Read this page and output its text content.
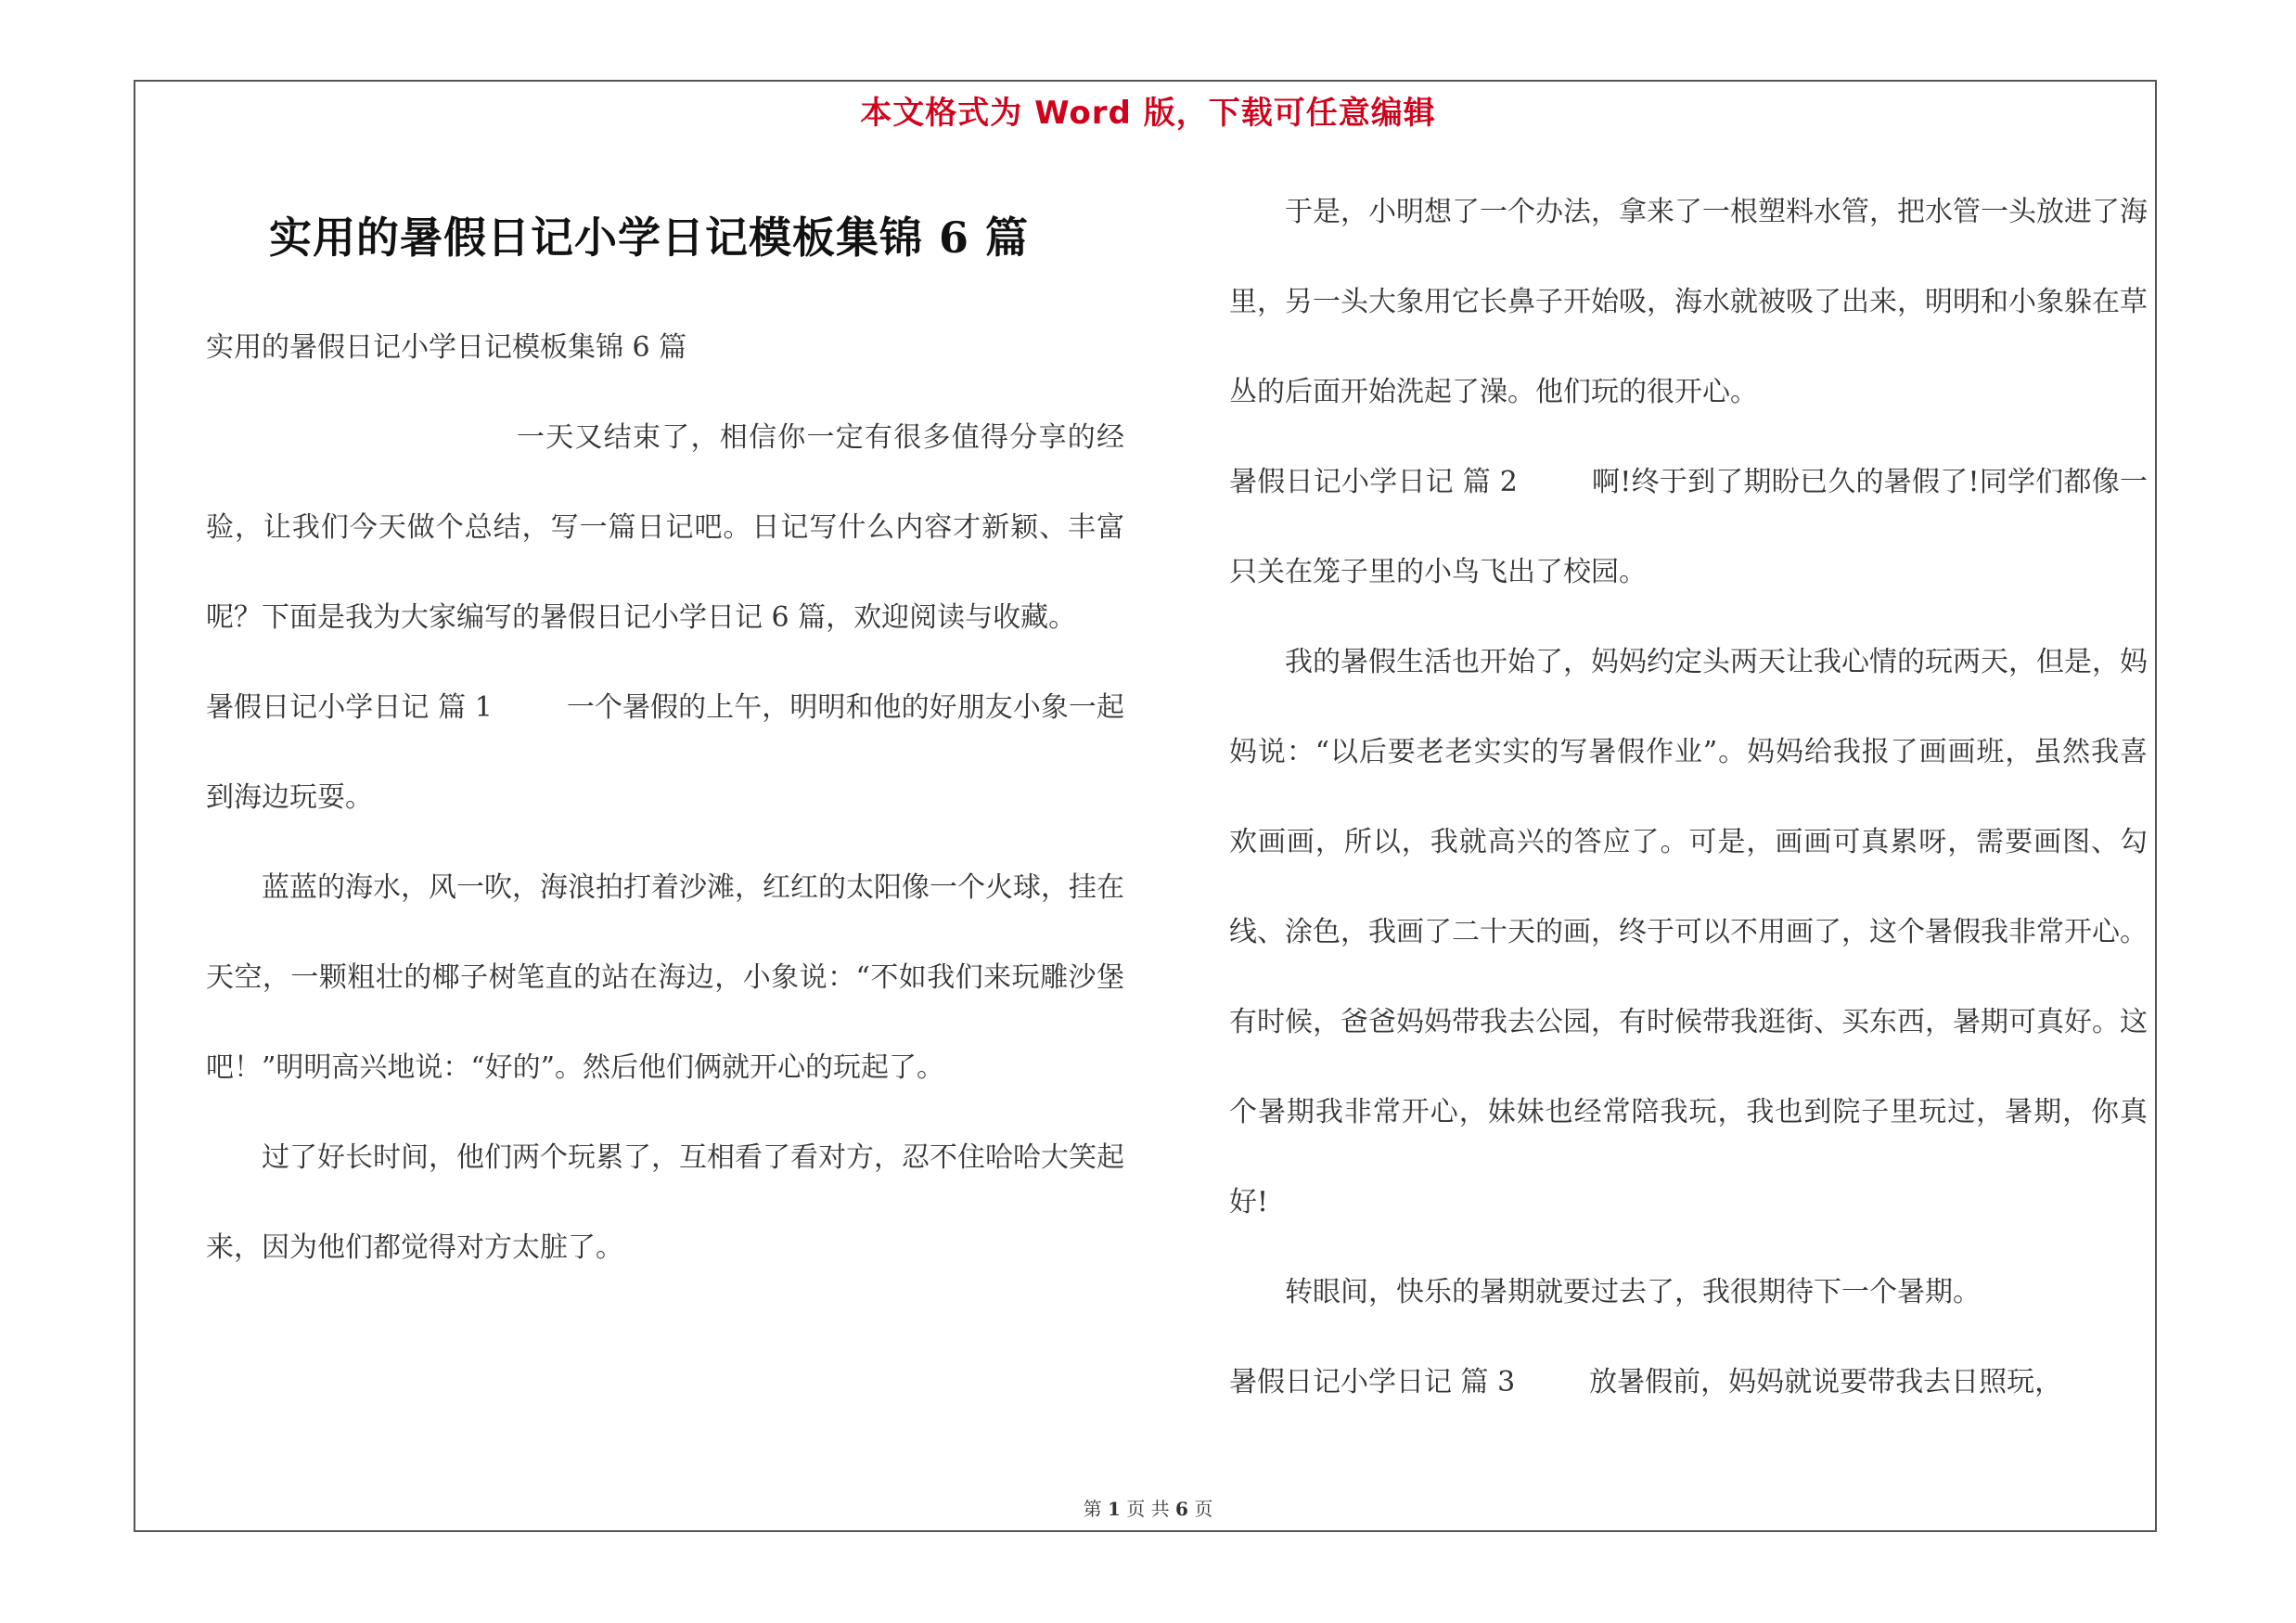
本文格式为 Word 版，下载可任意编辑
实用的暑假日记小学日记模板集锦 6 篇

实用的暑假日记小学日记模板集锦 6 篇

一天又结束了，相信你一定有很多值得分享的经验，让我们今天做个总结，写一篇日记吧。日记写什么内容才新颖、丰富呢？下面是我为大家编写的暑假日记小学日记 6 篇，欢迎阅读与收藏。

暑假日记小学日记 篇 1	一个暑假的上午，明明和他的好朋友小象一起到海边玩耍。

蓝蓝的海水，风一吹，海浪拍打着沙滩，红红的太阳像一个火球，挂在天空，一颗粗壮的椰子树笔直的站在海边，小象说：“不如我们来玩雕沙堡吧！”明明高兴地说：“好的”。然后他们俩就开心的玩起了。

过了好长时间，他们两个玩累了，互相看了看对方，忍不住哈哈大笑起来，因为他们都觉得对方太脏了。

于是，小明想了一个办法，拿来了一根塑料水管，把水管一头放进了海里，另一头大象用它长鼻子开始吸，海水就被吸了出来，明明和小象躲在草丛的后面开始洗起了澡。他们玩的很开心。

暑假日记小学日记 篇 2	啊!终于到了期盼已久的暑假了!同学们都像一只关在笼子里的小鸟飞出了校园。

我的暑假生活也开始了，妈妈约定头两天让我心情的玩两天，但是，妈妈说：“以后要老老实实的写暑假作业”。妈妈给我报了画画班，虽然我喜欢画画，所以，我就高兴的答应了。可是，画画可真累呀，需要画图、勾线、涂色，我画了二十天的画，终于可以不用画了，这个暑假我非常开心。有时候，爸爸妈妈带我去公园，有时候带我逛街、买东西，暑期可真好。这个暑期我非常开心，妹妹也经常陪我玩，我也到院子里玩过，暑期，你真好!

转眼间，快乐的暑期就要过去了，我很期待下一个暑期。

暑假日记小学日记 篇 3	放暑假前，妈妈就说要带我去日照玩，

第 1 页 共 6 页
